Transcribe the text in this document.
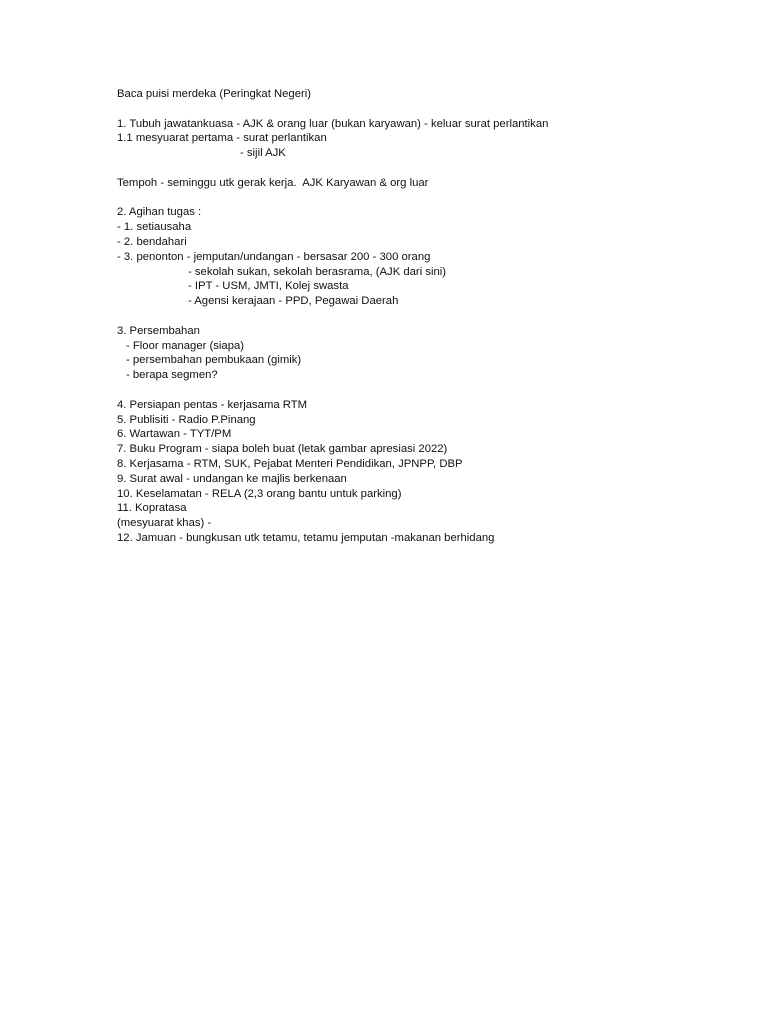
Baca puisi merdeka (Peringkat Negeri)
1. Tubuh jawatankuasa - AJK & orang luar (bukan karyawan) - keluar surat perlantikan
1.1 mesyuarat pertama - surat perlantikan
- sijil AJK
Tempoh - seminggu utk gerak kerja.  AJK Karyawan & org luar
2. Agihan tugas :
- 1. setiausaha
- 2. bendahari
- 3. penonton - jemputan/undangan - bersasar 200 - 300 orang
- sekolah sukan, sekolah berasrama, (AJK dari sini)
- IPT - USM, JMTI, Kolej swasta
- Agensi kerajaan - PPD, Pegawai Daerah
3. Persembahan
- Floor manager (siapa)
- persembahan pembukaan (gimik)
- berapa segmen?
4. Persiapan pentas - kerjasama RTM
5. Publisiti - Radio P.Pinang
6. Wartawan - TYT/PM
7. Buku Program - siapa boleh buat (letak gambar apresiasi 2022)
8. Kerjasama - RTM, SUK, Pejabat Menteri Pendidikan, JPNPP, DBP
9. Surat awal - undangan ke majlis berkenaan
10. Keselamatan - RELA (2,3 orang bantu untuk parking)
11. Kopratasa
(mesyuarat khas) -
12. Jamuan - bungkusan utk tetamu, tetamu jemputan -makanan berhidang
